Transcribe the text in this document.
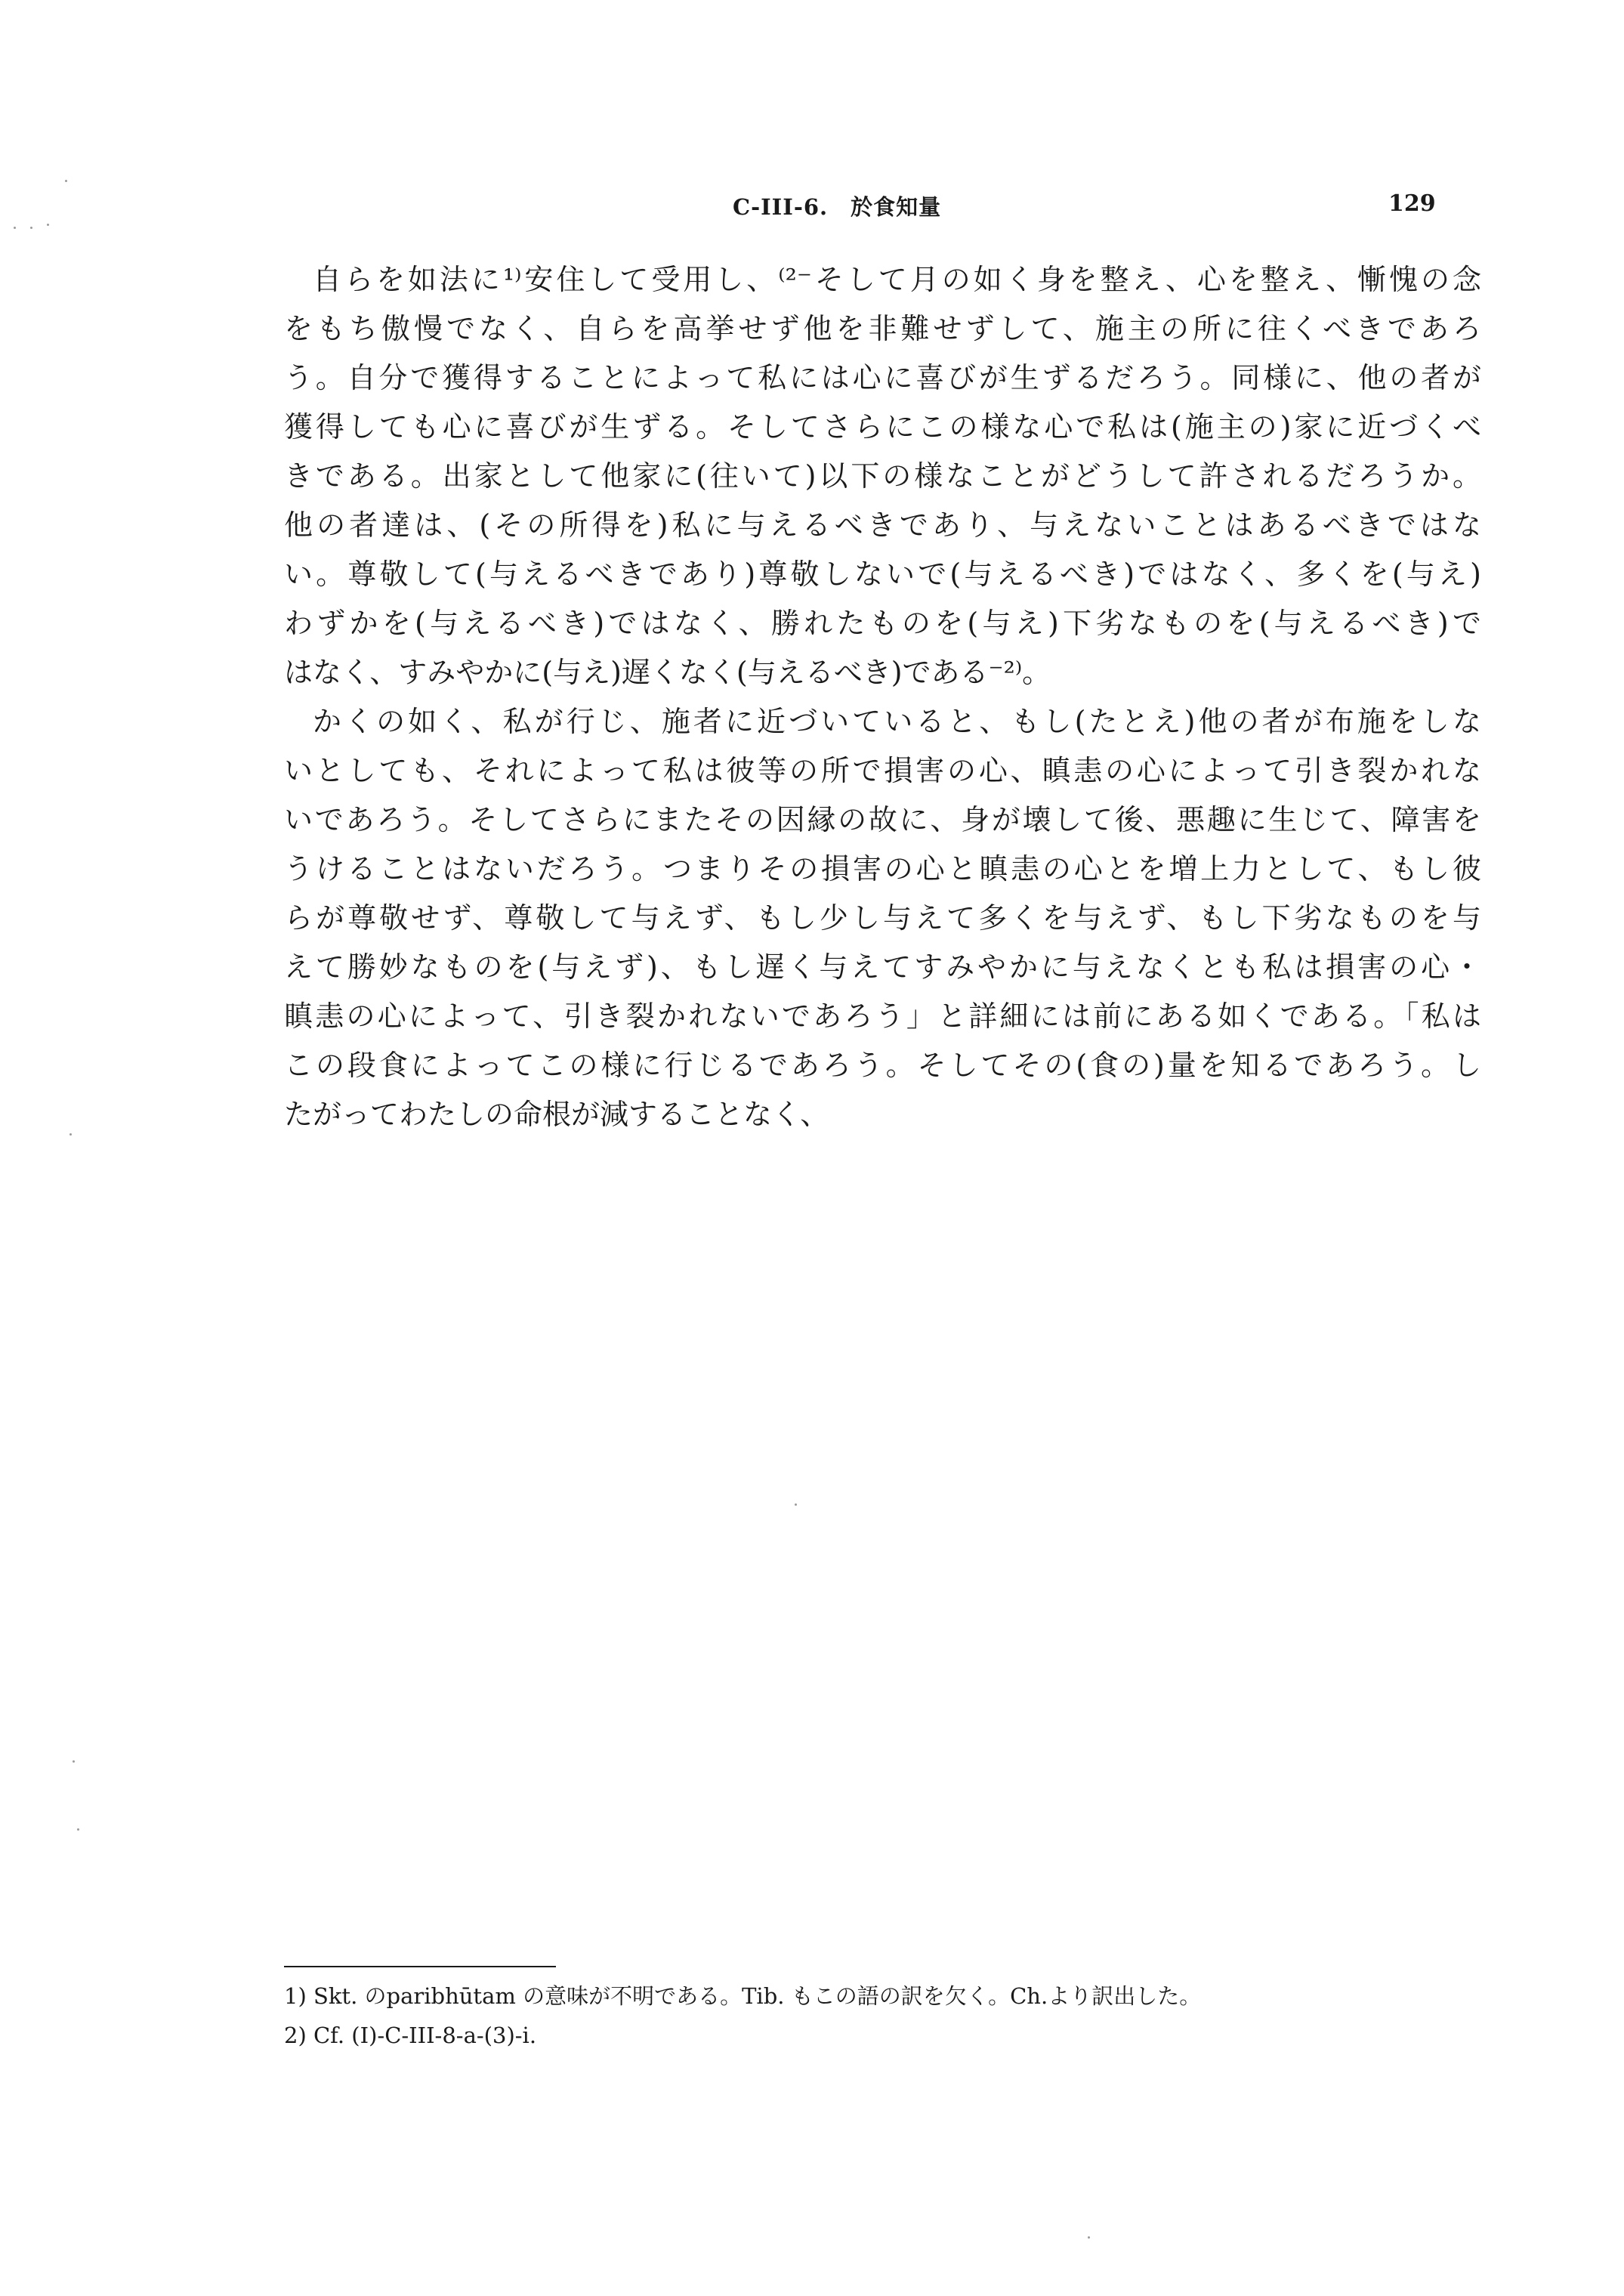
C-III-6.　於食知量	129
自らを如法に¹⁾安住して受用し、⁽²⁻そして月の如く身を整え、心を整え、慚愧の念
をもち傲慢でなく、自らを高挙せず他を非難せずして、施主の所に往くべきであろ
う。自分で獲得することによって私には心に喜びが生ずるだろう。同様に、他の者が
獲得しても心に喜びが生ずる。そしてさらにこの様な心で私は(施主の)家に近づくべ
きである。出家として他家に(往いて)以下の様なことがどうして許されるだろうか。
他の者達は、(その所得を)私に与えるべきであり、与えないことはあるべきではな
い。尊敬して(与えるべきであり)尊敬しないで(与えるべき)ではなく、多くを(与え)
わずかを(与えるべき)ではなく、勝れたものを(与え)下劣なものを(与えるべき)で
はなく、すみやかに(与え)遅くなく(与えるべき)である⁻²⁾。
かくの如く、私が行じ、施者に近づいていると、もし(たとえ)他の者が布施をしな
いとしても、それによって私は彼等の所で損害の心、瞋恚の心によって引き裂かれな
いであろう。そしてさらにまたその因縁の故に、身が壊して後、悪趣に生じて、障害を
うけることはないだろう。つまりその損害の心と瞋恚の心とを増上力として、もし彼
らが尊敬せず、尊敬して与えず、もし少し与えて多くを与えず、もし下劣なものを与
えて勝妙なものを(与えず)、もし遅く与えてすみやかに与えなくとも私は損害の心・
瞋恚の心によって、引き裂かれないであろう」と詳細には前にある如くである。「私は
この段食によってこの様に行じるであろう。そしてその(食の)量を知るであろう。し
たがってわたしの命根が減することなく、
1) Skt. のparibhūtam の意味が不明である。Tib. もこの語の訳を欠く。Ch.より訳出した。
2) Cf. (I)-C-III-8-a-(3)-i.
